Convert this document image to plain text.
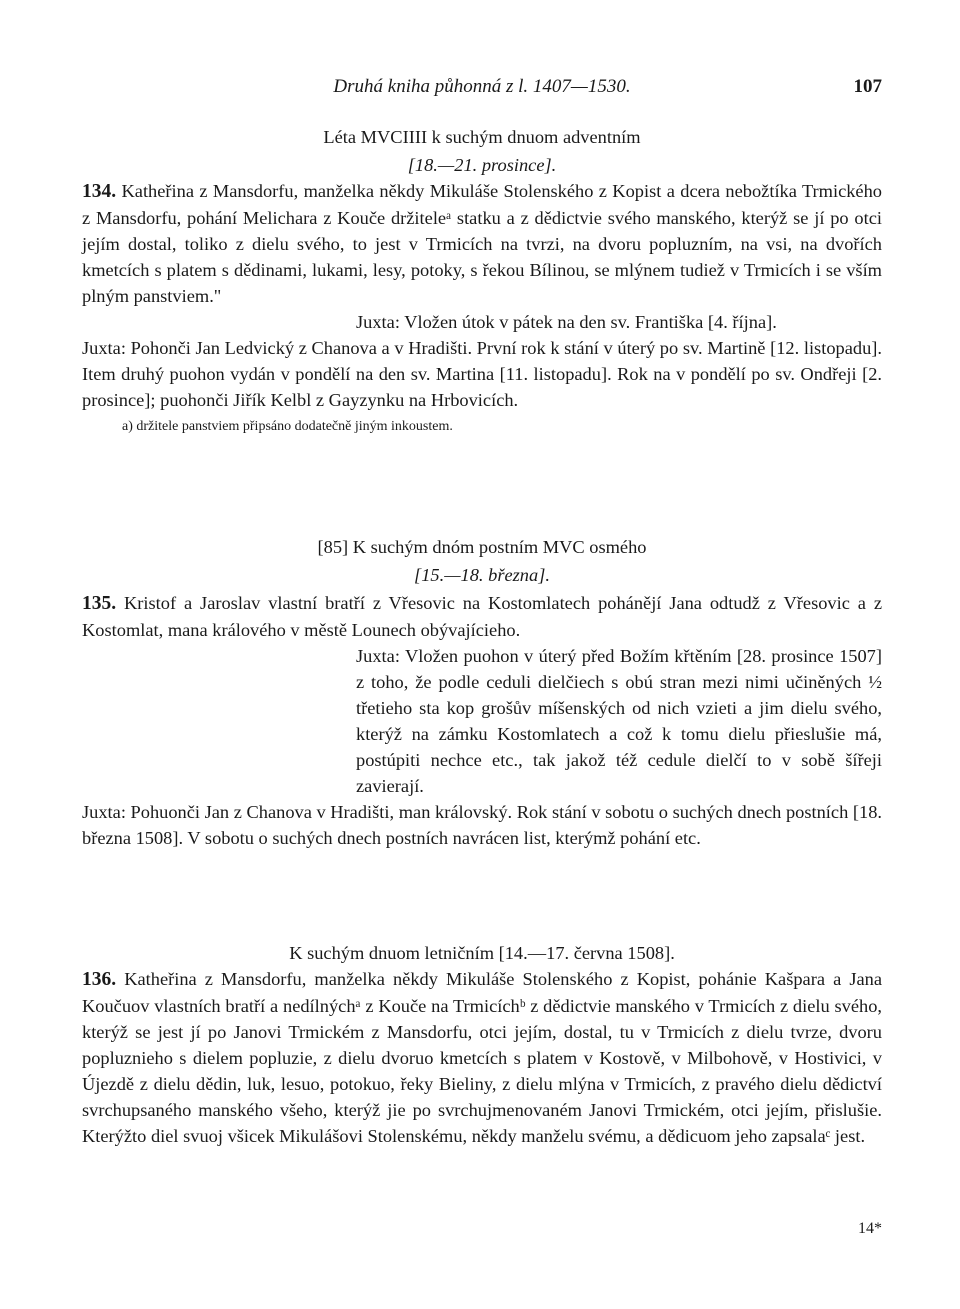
Druhá kniha půhonná z l. 1407—1530.	107
Léta MVCIIII k suchým dnuom adventním
[18.—21. prosince].

134. Kathеřina z Mansdorfu, manželka někdy Mikuláše Stolenského z Kopist a dcera nebožtíka Trmického z Mansdorfu, pohání Melichara z Kouče držiteleᵃ statku a z dědictvie svého manského, kterýž se jí po otci jejím dostal, toliko z dielu svého, to jest v Trmicích na tvrzi, na dvoru popluzním, na vsi, na dvořích kmetcích s platem s dědinami, lukami, lesy, potoky, s řekou Bílinou, se mlýnem tudiež v Trmicích i se vším plným panstviem."

Juxta: Vložen útok v pátek na den sv. Františka [4. října].

Juxta: Pohonči Jan Ledvický z Chanova a v Hradišti. První rok k stání v úterý po sv. Martině [12. listopadu]. Item druhý puohon vydán v pondělí na den sv. Martina [11. listopadu]. Rok na v pondělí po sv. Ondřeji [2. prosince]; puohonči Jiřík Kelbl z Gayzynku na Hrbovicích.

a) držitele panstviem připsáno dodatečně jiným inkoustem.

[85] K suchým dnóm postním MVC osmého
[15.—18. března].

135. Kristof a Jaroslav vlastní bratří z Vřesovic na Kostomlatech pohánějí Jana odtudž z Vřesovic a z Kostomlat, mana králového v městě Lounech obývajícieho.

Juxta: Vložen puohon v úterý před Božím křtěním [28. prosince 1507] z toho, že podle ceduli dielčiech s obú stran mezi nimi učiněných ½ třetieho sta kop grošův míšenských od nich vzieti a jim dielu svého, kterýž na zámku Kostomlatech a což k tomu dielu přieslušie má, postúpiti nechce etc., tak jakož též cedule dielčí to v sobě šířeji zavierají.

Juxta: Pohuonči Jan z Chanova v Hradišti, man královský. Rok stání v sobotu o suchých dnech postních [18. března 1508]. V sobotu o suchých dnech postních navrácen list, kterýmž pohání etc.

K suchým dnuom letničním [14.—17. června 1508].

136. Kathеřina z Mansdorfu, manželka někdy Mikuláše Stolenského z Kopist, pohánie Kašpara a Jana Koučuov vlastních bratří a nedílnýchᵃ z Kouče na Trmicíchᵇ z dědictvie manského v Trmicích z dielu svého, kterýž se jest jí po Janovi Trmickém z Mansdorfu, otci jejím, dostal, tu v Trmicích z dielu tvrze, dvoru popluznieho s dielem popluzie, z dielu dvoruo kmetcích s platem v Kostově, v Milbohově, v Hostivici, v Újezdě z dielu dědin, luk, lesuo, potokuo, řeky Bieliny, z dielu mlýna v Trmicích, z pravého dielu dědictví svrchupsaného manského všeho, kterýž jie po svrchujmenovaném Janovi Trmickém, otci jejím, přislušie. Kterýžto diel svuoj všicek Mikulášovi Stolenskému, někdy manželu svému, a dědicuom jeho zapsalaᶜ jest.

14*
